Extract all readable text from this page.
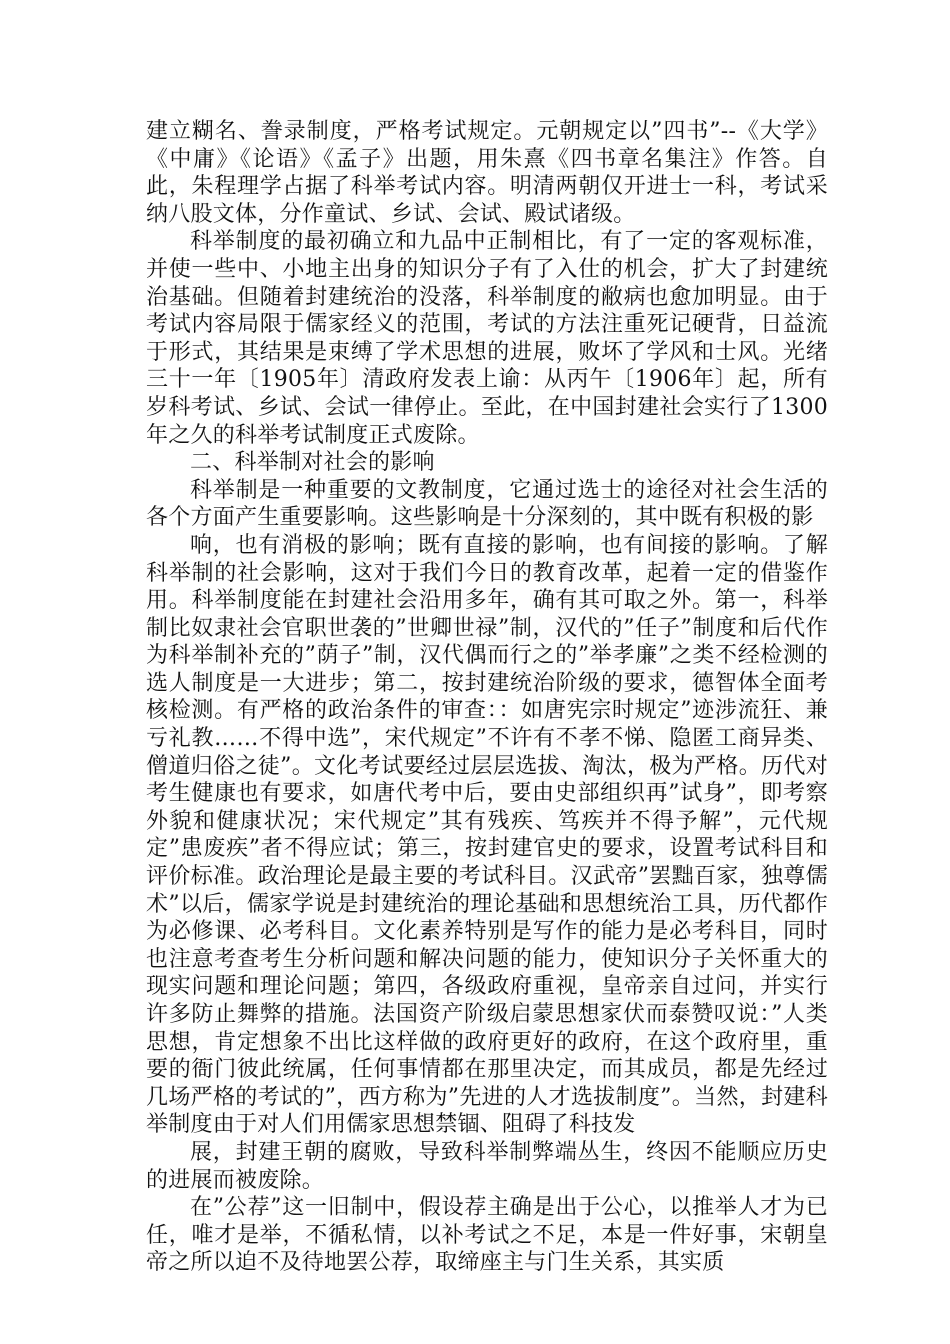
建立糊名、誊录制度，严格考试规定。元朝规定以”四书”--《大学》《中庸》《论语》《孟子》出题，用朱熹《四书章名集注》作答。自此，朱程理学占据了科举考试内容。明清两朝仅开进士一科，考试采纳八股文体，分作童试、乡试、会试、殿试诸级。

科举制度的最初确立和九品中正制相比，有了一定的客观标准，并使一些中、小地主出身的知识分子有了入仕的机会，扩大了封建统治基础。但随着封建统治的没落，科举制度的敝病也愈加明显。由于考试内容局限于儒家经义的范围，考试的方法注重死记硬背，日益流于形式，其结果是束缚了学术思想的进展，败坏了学风和士风。光绪三十一年〔1905年〕清政府发表上谕：从丙午〔1906年〕起，所有岁科考试、乡试、会试一律停止。至此，在中国封建社会实行了1300年之久的科举考试制度正式废除。

二、科举制对社会的影响

科举制是一种重要的文教制度，它通过选士的途径对社会生活的各个方面产生重要影响。这些影响是十分深刻的，其中既有积极的影

响，也有消极的影响；既有直接的影响，也有间接的影响。了解科举制的社会影响，这对于我们今日的教育改革，起着一定的借鉴作用。科举制度能在封建社会沿用多年，确有其可取之外。第一，科举制比奴隶社会官职世袭的”世卿世禄”制，汉代的”任子”制度和后代作为科举制补充的”荫子”制，汉代偶而行之的”举孝廉”之类不经检测的选人制度是一大进步；第二，按封建统治阶级的要求，德智体全面考核检测。有严格的政治条件的审查：：如唐宪宗时规定”迹涉流狂、兼亏礼教……不得中选”，宋代规定”不许有不孝不悌、隐匿工商异类、僧道归俗之徒”。文化考试要经过层层选拔、淘汰，极为严格。历代对考生健康也有要求，如唐代考中后，要由史部组织再”试身”，即考察外貌和健康状况；宋代规定”其有残疾、笃疾并不得予解”，元代规定”患废疾”者不得应试；第三，按封建官史的要求，设置考试科目和评价标准。政治理论是最主要的考试科目。汉武帝”罢黜百家，独尊儒术”以后，儒家学说是封建统治的理论基础和思想统治工具，历代都作为必修课、必考科目。文化素养特别是写作的能力是必考科目，同时也注意考查考生分析问题和解决问题的能力，使知识分子关怀重大的现实问题和理论问题；第四，各级政府重视，皇帝亲自过问，并实行许多防止舞弊的措施。法国资产阶级启蒙思想家伏而泰赞叹说：”人类思想，肯定想象不出比这样做的政府更好的政府，在这个政府里，重要的衙门彼此统属，任何事情都在那里决定，而其成员，都是先经过几场严格的考试的”，西方称为”先进的人才选拔制度”。当然，封建科举制度由于对人们用儒家思想禁锢、阻碍了科技发

展，封建王朝的腐败，导致科举制弊端丛生，终因不能顺应历史的进展而被废除。

在”公荐”这一旧制中，假设荐主确是出于公心，以推举人才为已任，唯才是举，不循私情，以补考试之不足，本是一件好事，宋朝皇帝之所以迫不及待地罢公荐，取缔座主与门生关系，其实质
